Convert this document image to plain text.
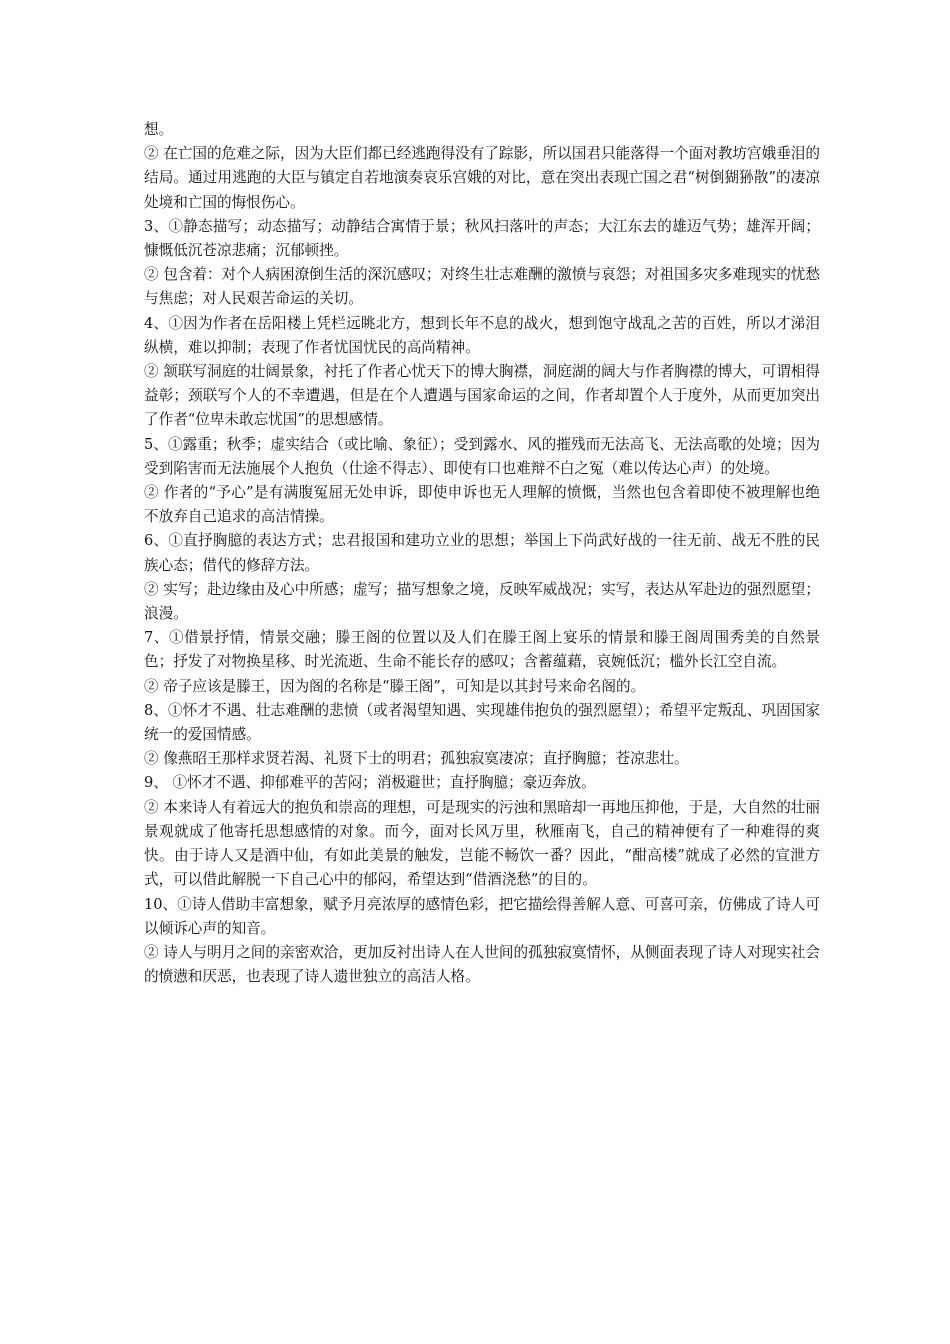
想。

② 在亡国的危难之际，因为大臣们都已经逃跑得没有了踪影，所以国君只能落得一个面对教坊宫娥垂泪的结局。通过用逃跑的大臣与镇定自若地演奏哀乐宫娥的对比，意在突出表现亡国之君“树倒猢狲散”的凄凉处境和亡国的悔恨伤心。

3、①静态描写；动态描写；动静结合寓情于景；秋风扫落叶的声态；大江东去的雄迈气势；雄浑开阔；慷慨低沉苍凉悲痛；沉郁顿挫。

② 包含着：对个人病困潦倒生活的深沉感叹；对终生壮志难酬的激愤与哀怨；对祖国多灾多难现实的忧愁与焦虑；对人民艰苦命运的关切。

4、①因为作者在岳阳楼上凭栏远眺北方，想到长年不息的战火，想到饱守战乱之苦的百姓，所以才涕泪纵横，难以抑制；表现了作者忧国忧民的高尚精神。

② 颔联写洞庭的壮阔景象，衬托了作者心忧天下的博大胸襟，洞庭湖的阔大与作者胸襟的博大，可谓相得益彰；颈联写个人的不幸遭遇，但是在个人遭遇与国家命运的之间，作者却置个人于度外，从而更加突出了作者“位卑未敢忘忧国”的思想感情。

5、①露重；秋季；虚实结合（或比喻、象征）；受到露水、风的摧残而无法高飞、无法高歌的处境；因为受到陷害而无法施展个人抱负（仕途不得志）、即使有口也难辩不白之冤（难以传达心声）的处境。

② 作者的“予心”是有满腹冤屈无处申诉，即使申诉也无人理解的愤慨，当然也包含着即使不被理解也绝不放弃自己追求的高洁情操。

6、①直抒胸臆的表达方式；忠君报国和建功立业的思想；举国上下尚武好战的一往无前、战无不胜的民族心态；借代的修辞方法。

② 实写；赴边缘由及心中所感；虚写；描写想象之境，反映军威战况；实写，表达从军赴边的强烈愿望；浪漫。

7、①借景抒情，情景交融；滕王阁的位置以及人们在滕王阁上宴乐的情景和滕王阁周围秀美的自然景色；抒发了对物换星移、时光流逝、生命不能长存的感叹；含蓄蕴藉，哀婉低沉；槛外长江空自流。

② 帝子应该是滕王，因为阁的名称是“滕王阁”，可知是以其封号来命名阁的。

8、①怀才不遇、壮志难酬的悲愤（或者渴望知遇、实现雄伟抱负的强烈愿望）；希望平定叛乱、巩固国家统一的爱国情感。

② 像燕昭王那样求贤若渴、礼贤下士的明君；孤独寂寞凄凉；直抒胸臆；苍凉悲壮。

9、 ①怀才不遇、抑郁难平的苦闷；消极避世；直抒胸臆；豪迈奔放。

② 本来诗人有着远大的抱负和崇高的理想，可是现实的污浊和黑暗却一再地压抑他，于是，大自然的壮丽景观就成了他寄托思想感情的对象。而今，面对长风万里，秋雁南飞，自己的精神便有了一种难得的爽快。由于诗人又是酒中仙，有如此美景的触发，岂能不畅饮一番？因此，“酣高楼”就成了必然的宣泄方式，可以借此解脱一下自己心中的郁闷，希望达到“借酒浇愁”的目的。

10、①诗人借助丰富想象，赋予月亮浓厚的感情色彩，把它描绘得善解人意、可喜可亲，仿佛成了诗人可以倾诉心声的知音。

② 诗人与明月之间的亲密欢洽，更加反衬出诗人在人世间的孤独寂寞情怀，从侧面表现了诗人对现实社会的愤懑和厌恶，也表现了诗人遗世独立的高洁人格。
